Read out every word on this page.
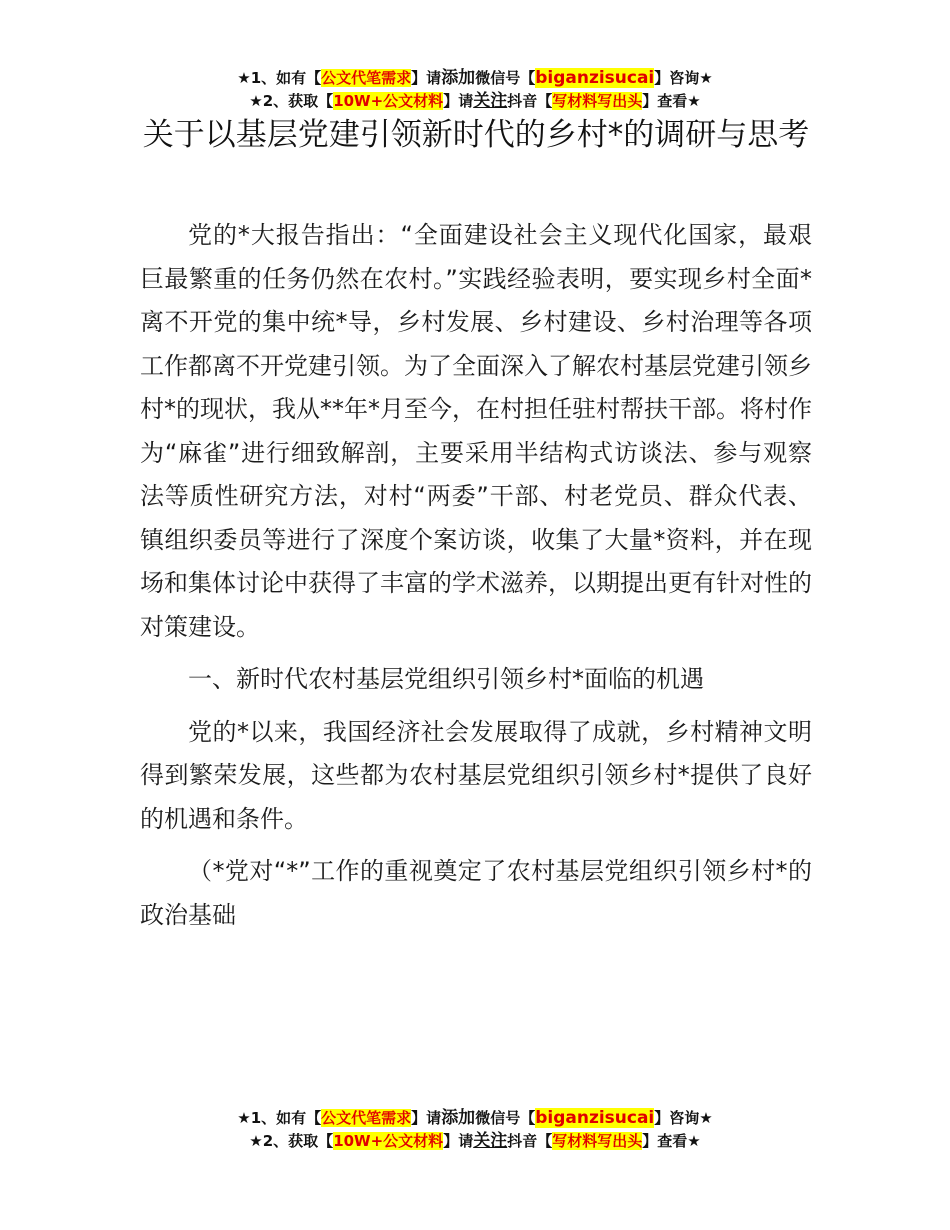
★1、如有【公文代笔需求】请添加微信号【biganzisucai】咨询★
★2、获取【10W+公文材料】请关注抖音【写材料写出头】查看★
关于以基层党建引领新时代的乡村*的调研与思考

党的*大报告指出：“全面建设社会主义现代化国家，最艰巨最繁重的任务仍然在农村。”实践经验表明，要实现乡村全面*离不开党的集中统*导，乡村发展、乡村建设、乡村治理等各项工作都离不开党建引领。为了全面深入了解农村基层党建引领乡村*的现状，我从**年*月至今，在村担任驻村帮扶干部。将村作为“麻雀”进行细致解剖，主要采用半结构式访谈法、参与观察法等质性研究方法，对村“两委”干部、村老党员、群众代表、镇组织委员等进行了深度个案访谈，收集了大量*资料，并在现场和集体讨论中获得了丰富的学术滋养，以期提出更有针对性的对策建设。

一、新时代农村基层党组织引领乡村*面临的机遇

党的*以来，我国经济社会发展取得了成就，乡村精神文明得到繁荣发展，这些都为农村基层党组织引领乡村*提供了良好的机遇和条件。

（*党对“*”工作的重视奠定了农村基层党组织引领乡村*的政治基础

★1、如有【公文代笔需求】请添加微信号【biganzisucai】咨询★
★2、获取【10W+公文材料】请关注抖音【写材料写出头】查看★
